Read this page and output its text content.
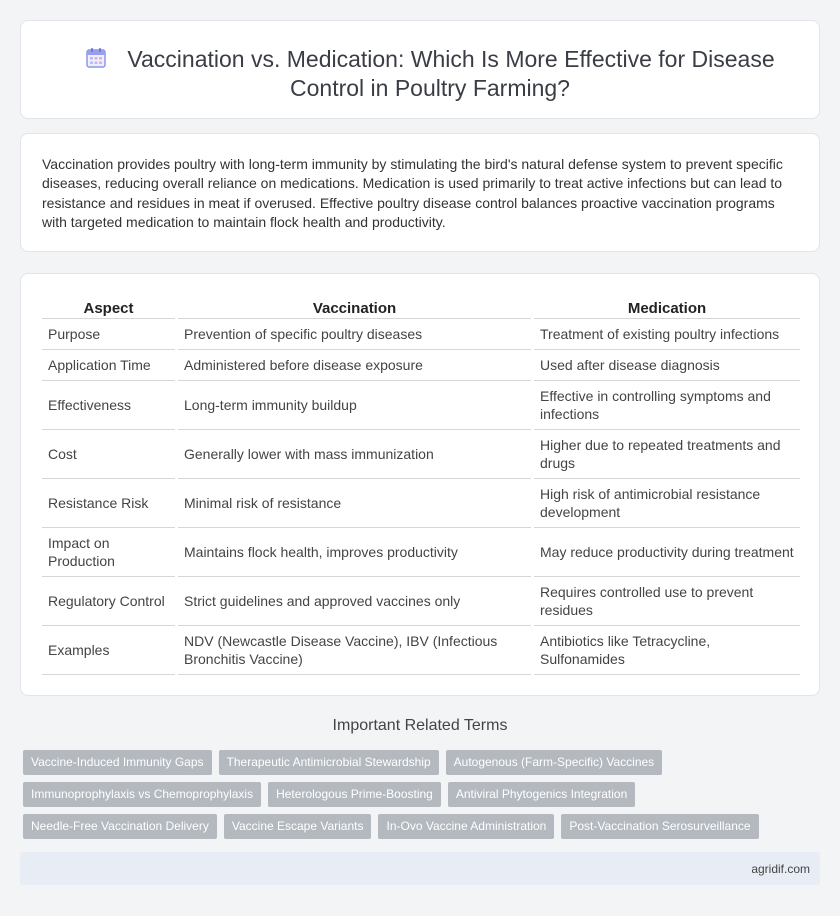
Vaccination vs. Medication: Which Is More Effective for Disease Control in Poultry Farming?

Vaccination provides poultry with long-term immunity by stimulating the bird's natural defense system to prevent specific diseases, reducing overall reliance on medications. Medication is used primarily to treat active infections but can lead to resistance and residues in meat if overused. Effective poultry disease control balances proactive vaccination programs with targeted medication to maintain flock health and productivity.

Aspect		Vaccination		Medication
Purpose		Prevention of specific poultry diseases		Treatment of existing poultry infections
Application Time		Administered before disease exposure		Used after disease diagnosis
Effectiveness		Long-term immunity buildup		Effective in controlling symptoms and infections
Cost		Generally lower with mass immunization		Higher due to repeated treatments and drugs
Resistance Risk		Minimal risk of resistance		High risk of antimicrobial resistance development
Impact on Production		Maintains flock health, improves productivity		May reduce productivity during treatment
Regulatory Control		Strict guidelines and approved vaccines only		Requires controlled use to prevent residues
Examples		NDV (Newcastle Disease Vaccine), IBV (Infectious Bronchitis Vaccine)		Antibiotics like Tetracycline, Sulfonamides
Important Related Terms
Vaccine-Induced Immunity Gaps	Therapeutic Antimicrobial Stewardship	Autogenous (Farm-Specific) Vaccines
Immunoprophylaxis vs Chemoprophylaxis	Heterologous Prime-Boosting	Antiviral Phytogenics Integration
Needle-Free Vaccination Delivery	Vaccine Escape Variants	In-Ovo Vaccine Administration	Post-Vaccination Serosurveillance
agridif.com
